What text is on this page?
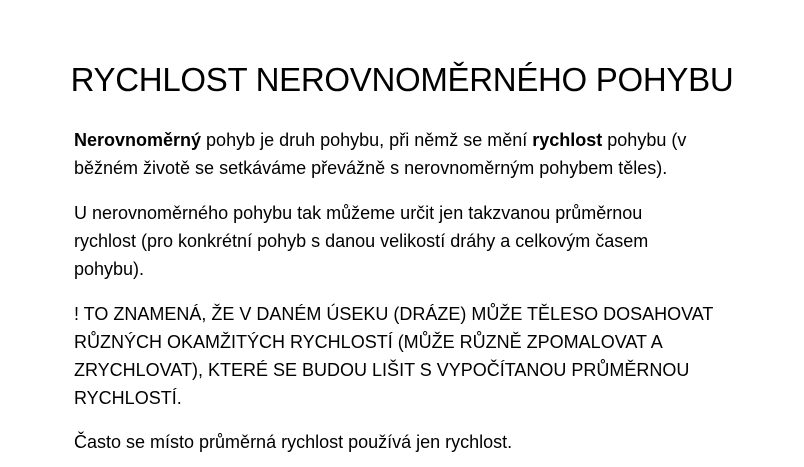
RYCHLOST NEROVNOMĚRNÉHO POHYBU

Nerovnoměrný pohyb je druh pohybu, při němž se mění rychlost pohybu (v
běžném životě se setkáváme převážně s nerovnoměrným pohybem těles).

U nerovnoměrného pohybu tak můžeme určit jen takzvanou průměrnou
rychlost (pro konkrétní pohyb s danou velikostí dráhy a celkovým časem
pohybu).

! TO ZNAMENÁ, ŽE V DANÉM ÚSEKU (DRÁZE) MŮŽE TĚLESO DOSAHOVAT
RŮZNÝCH OKAMŽITÝCH RYCHLOSTÍ (MŮŽE RŮZNĚ ZPOMALOVAT A
ZRYCHLOVAT), KTERÉ SE BUDOU LIŠIT S VYPOČÍTANOU PRŮMĚRNOU
RYCHLOSTÍ.

Často se místo průměrná rychlost používá jen rychlost.
